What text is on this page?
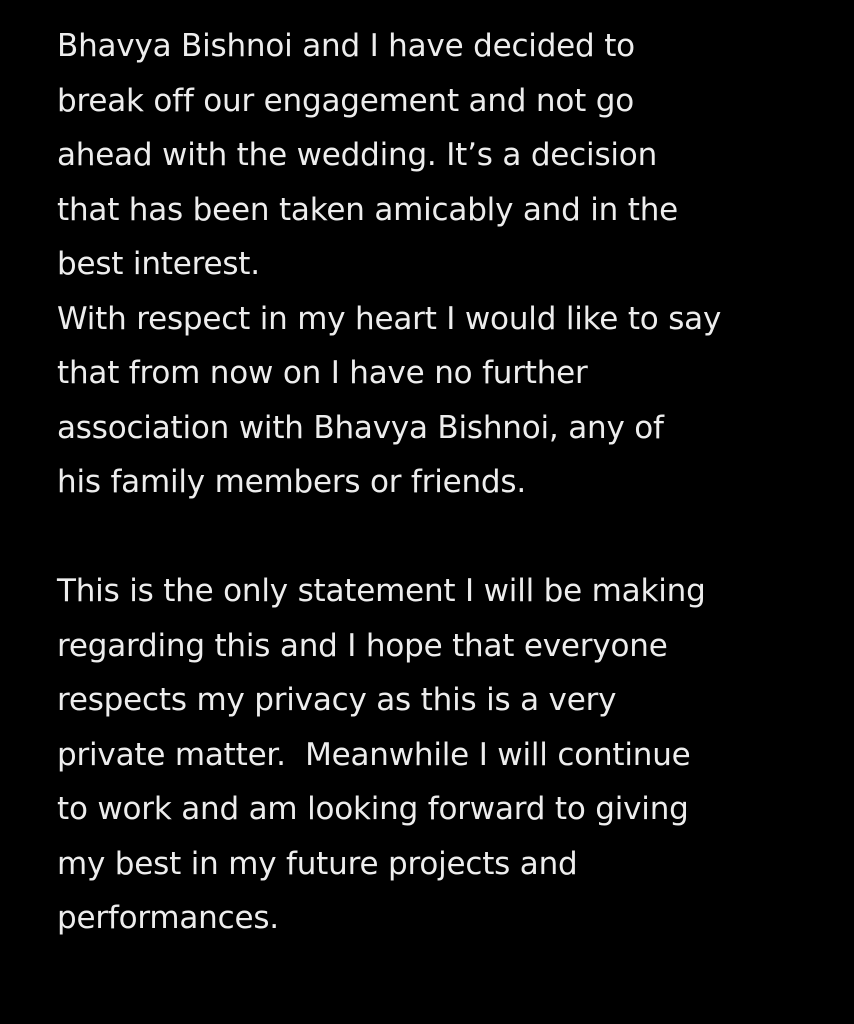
Bhavya Bishnoi and I have decided to
break off our engagement and not go
ahead with the wedding. It’s a decision
that has been taken amicably and in the
best interest.
With respect in my heart I would like to say
that from now on I have no further
association with Bhavya Bishnoi, any of
his family members or friends.
This is the only statement I will be making
regarding this and I hope that everyone
respects my privacy as this is a very
private matter.  Meanwhile I will continue
to work and am looking forward to giving
my best in my future projects and
performances.
